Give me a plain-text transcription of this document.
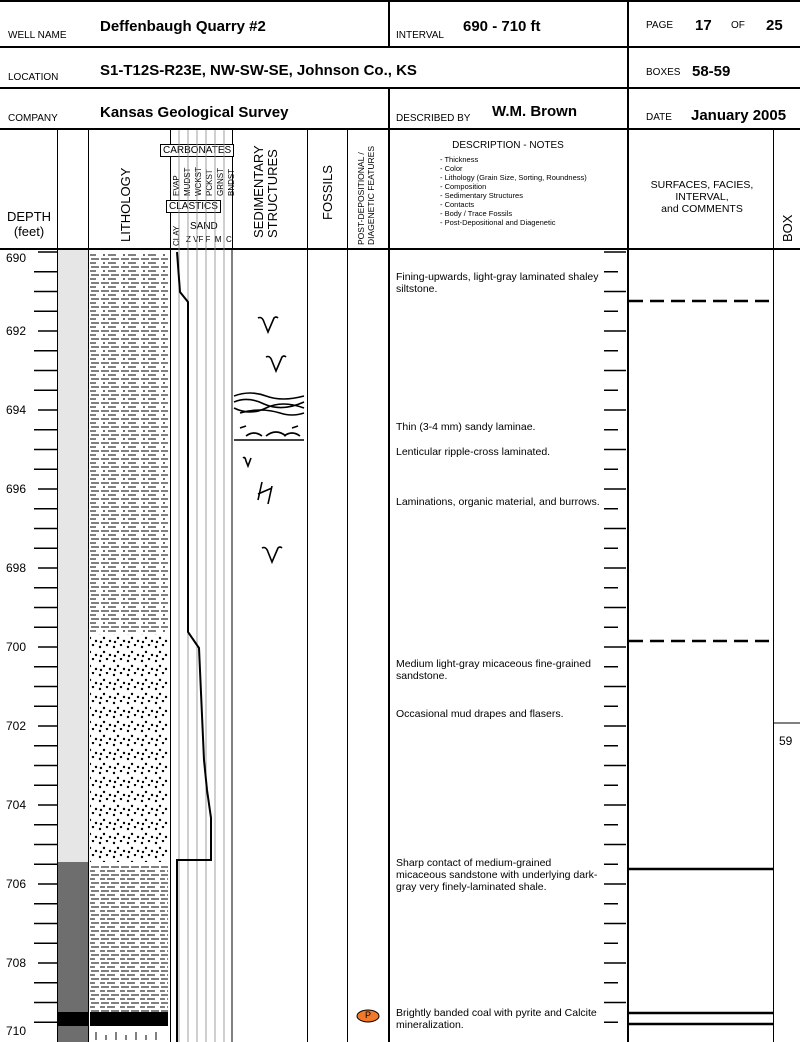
WELL NAME
Deffenbaugh Quarry #2
INTERVAL
690 - 710 ft	PAGE 17 OF 25
LOCATION	S1-T12S-R23E, NW-SW-SE, Johnson Co., KS	BOXES 58-59
COMPANY	Kansas Geological Survey	DESCRIBED BY W.M. Brown	DATE January 2005
DEPTH
(feet)	LITHOLOGY
CARBONATES
EVAP MUDST WCKST PCKST GRNST BNDST
CLASTICS
SAND
CLAY Z VF F  M  C
SEDIMENTARY
STRUCTURES	FOSSILS POST-DEPOSITIONAL /
DIAGENETIC FEATURES
DESCRIPTION - NOTES
- Thickness
- Color
- Lithology (Grain Size, Sorting, Roundness)
- Composition
- Sedimentary Structures
- Contacts
- Body / Trace Fossils
- Post-Depositional and Diagenetic
SURFACES, FACIES,
INTERVAL,
and COMMENTS
BOX
P
690
692
694
696
698
700
702
704
706
708
710
Fining-upwards, light-gray laminated shaley siltstone.
Thin (3-4 mm) sandy laminae.
Lenticular ripple-cross laminated.
Laminations, organic material, and burrows.
Medium light-gray micaceous fine-grained sandstone.
Occasional mud drapes and flasers.
Sharp contact of medium-grained micaceous sandstone with underlying dark-gray very finely-laminated shale.
Brightly banded coal with pyrite and Calcite mineralization.
59
